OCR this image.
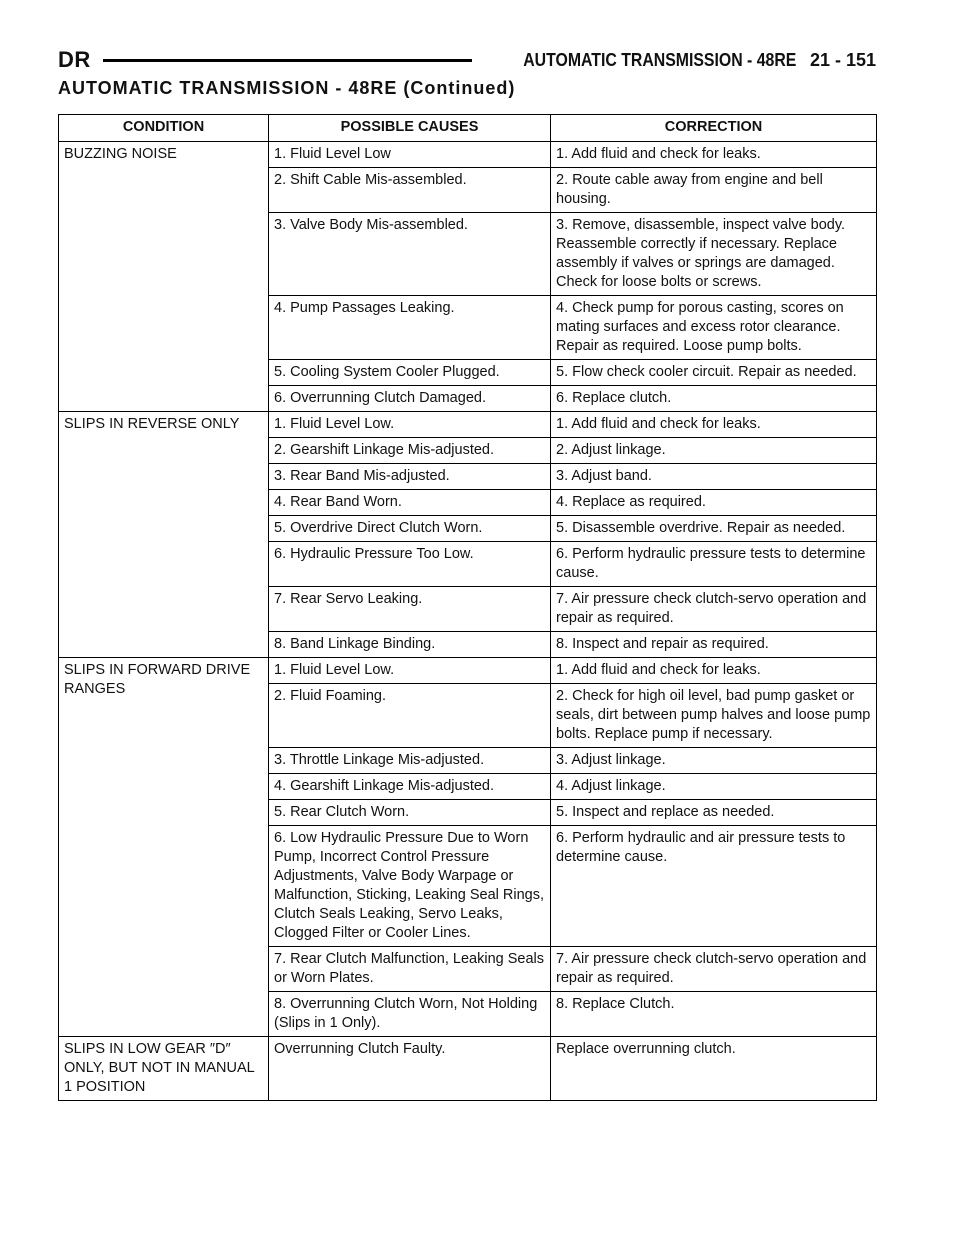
DR	AUTOMATIC TRANSMISSION - 48RE 21 - 151
AUTOMATIC TRANSMISSION - 48RE (Continued)
CONDITION	POSSIBLE CAUSES	CORRECTION
BUZZING NOISE	1. Fluid Level Low	1. Add fluid and check for leaks.
	2. Shift Cable Mis-assembled.	2. Route cable away from engine and bell housing.
	3. Valve Body Mis-assembled.	3. Remove, disassemble, inspect valve body. Reassemble correctly if necessary. Replace assembly if valves or springs are damaged. Check for loose bolts or screws.
	4. Pump Passages Leaking.	4. Check pump for porous casting, scores on mating surfaces and excess rotor clearance. Repair as required. Loose pump bolts.
	5. Cooling System Cooler Plugged.	5. Flow check cooler circuit. Repair as needed.
	6. Overrunning Clutch Damaged.	6. Replace clutch.
SLIPS IN REVERSE ONLY	1. Fluid Level Low.	1. Add fluid and check for leaks.
	2. Gearshift Linkage Mis-adjusted.	2. Adjust linkage.
	3. Rear Band Mis-adjusted.	3. Adjust band.
	4. Rear Band Worn.	4. Replace as required.
	5. Overdrive Direct Clutch Worn.	5. Disassemble overdrive. Repair as needed.
	6. Hydraulic Pressure Too Low.	6. Perform hydraulic pressure tests to determine cause.
	7. Rear Servo Leaking.	7. Air pressure check clutch-servo operation and repair as required.
	8. Band Linkage Binding.	8. Inspect and repair as required.
SLIPS IN FORWARD DRIVE RANGES	1. Fluid Level Low.	1. Add fluid and check for leaks.
	2. Fluid Foaming.	2. Check for high oil level, bad pump gasket or seals, dirt between pump halves and loose pump bolts. Replace pump if necessary.
	3. Throttle Linkage Mis-adjusted.	3. Adjust linkage.
	4. Gearshift Linkage Mis-adjusted.	4. Adjust linkage.
	5. Rear Clutch Worn.	5. Inspect and replace as needed.
	6. Low Hydraulic Pressure Due to Worn Pump, Incorrect Control Pressure Adjustments, Valve Body Warpage or Malfunction, Sticking, Leaking Seal Rings, Clutch Seals Leaking, Servo Leaks, Clogged Filter or Cooler Lines.	6. Perform hydraulic and air pressure tests to determine cause.
	7. Rear Clutch Malfunction, Leaking Seals or Worn Plates.	7. Air pressure check clutch-servo operation and repair as required.
	8. Overrunning Clutch Worn, Not Holding (Slips in 1 Only).	8. Replace Clutch.
SLIPS IN LOW GEAR ″D″ ONLY, BUT NOT IN MANUAL 1 POSITION	Overrunning Clutch Faulty.	Replace overrunning clutch.
